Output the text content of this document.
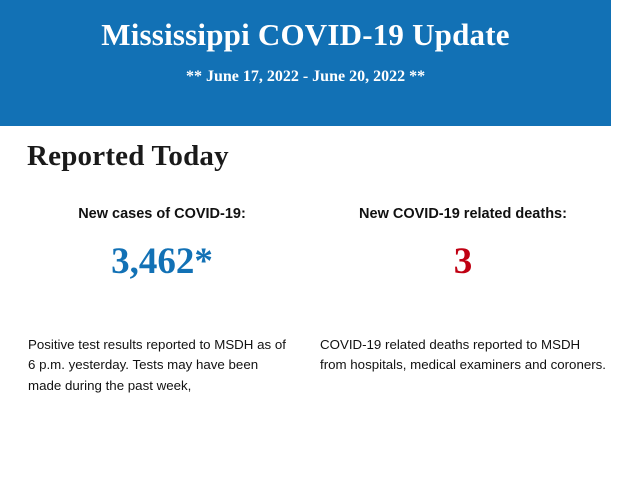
Mississippi COVID-19 Update
** June 17, 2022 - June 20, 2022 **
Reported Today
New cases of COVID-19:
3,462*
Positive test results reported to MSDH as of 6 p.m. yesterday. Tests may have been made during the past week,
New COVID-19 related deaths:
3
COVID-19 related deaths reported to MSDH from hospitals, medical examiners and coroners.
